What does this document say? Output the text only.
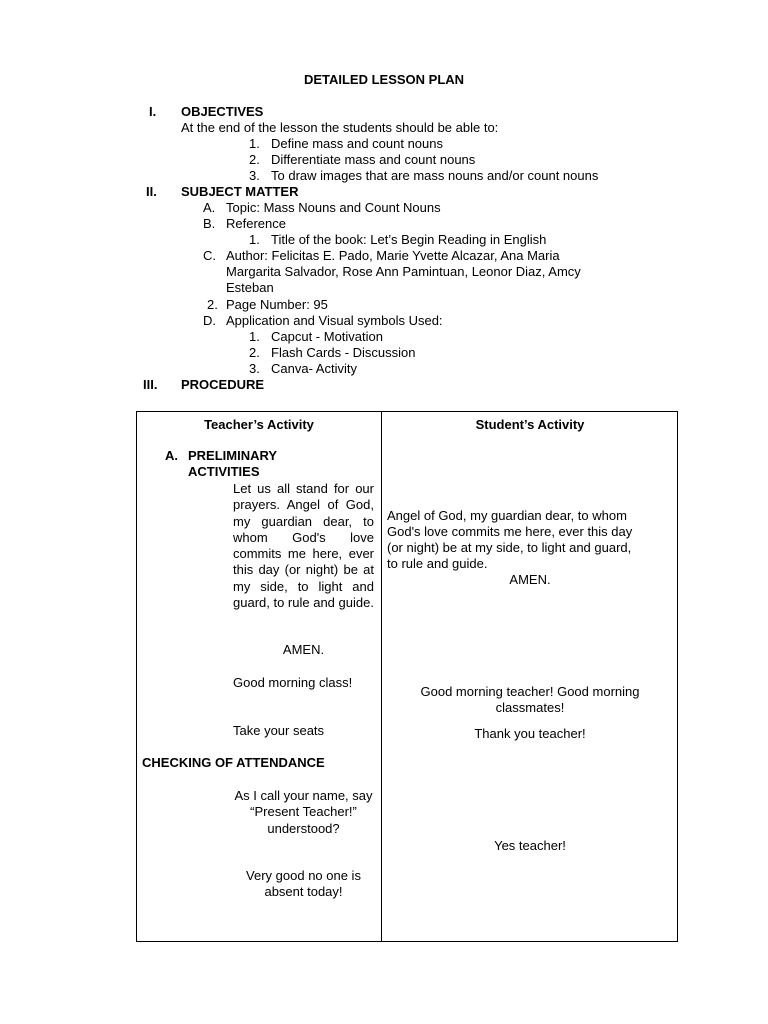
DETAILED LESSON PLAN
I. OBJECTIVES
At the end of the lesson the students should be able to:
1. Define mass and count nouns
2. Differentiate mass and count nouns
3. To draw images that are mass nouns and/or count nouns
II. SUBJECT MATTER
A. Topic: Mass Nouns and Count Nouns
B. Reference
1. Title of the book: Let’s Begin Reading in English
C. Author: Felicitas E. Pado, Marie Yvette Alcazar, Ana Maria
Margarita Salvador, Rose Ann Pamintuan, Leonor Diaz, Amcy
Esteban
2. Page Number: 95
D. Application and Visual symbols Used:
1. Capcut - Motivation
2. Flash Cards - Discussion
3. Canva- Activity
III. PROCEDURE
Teacher’s Activity
A. PRELIMINARY
ACTIVITIES
Let us all stand for our prayers. Angel of God, my guardian dear, to whom God's love commits me here, ever this day (or night) be at my side, to light and guard, to rule and guide.
AMEN.
Good morning class!
Take your seats
CHECKING OF ATTENDANCE
As I call your name, say “Present Teacher!” understood?
Very good no one is absent today!
Student’s Activity
Angel of God, my guardian dear, to whom
God's love commits me here, ever this day
(or night) be at my side, to light and guard,
to rule and guide.
AMEN.
Good morning teacher! Good morning classmates!
Thank you teacher!
Yes teacher!
